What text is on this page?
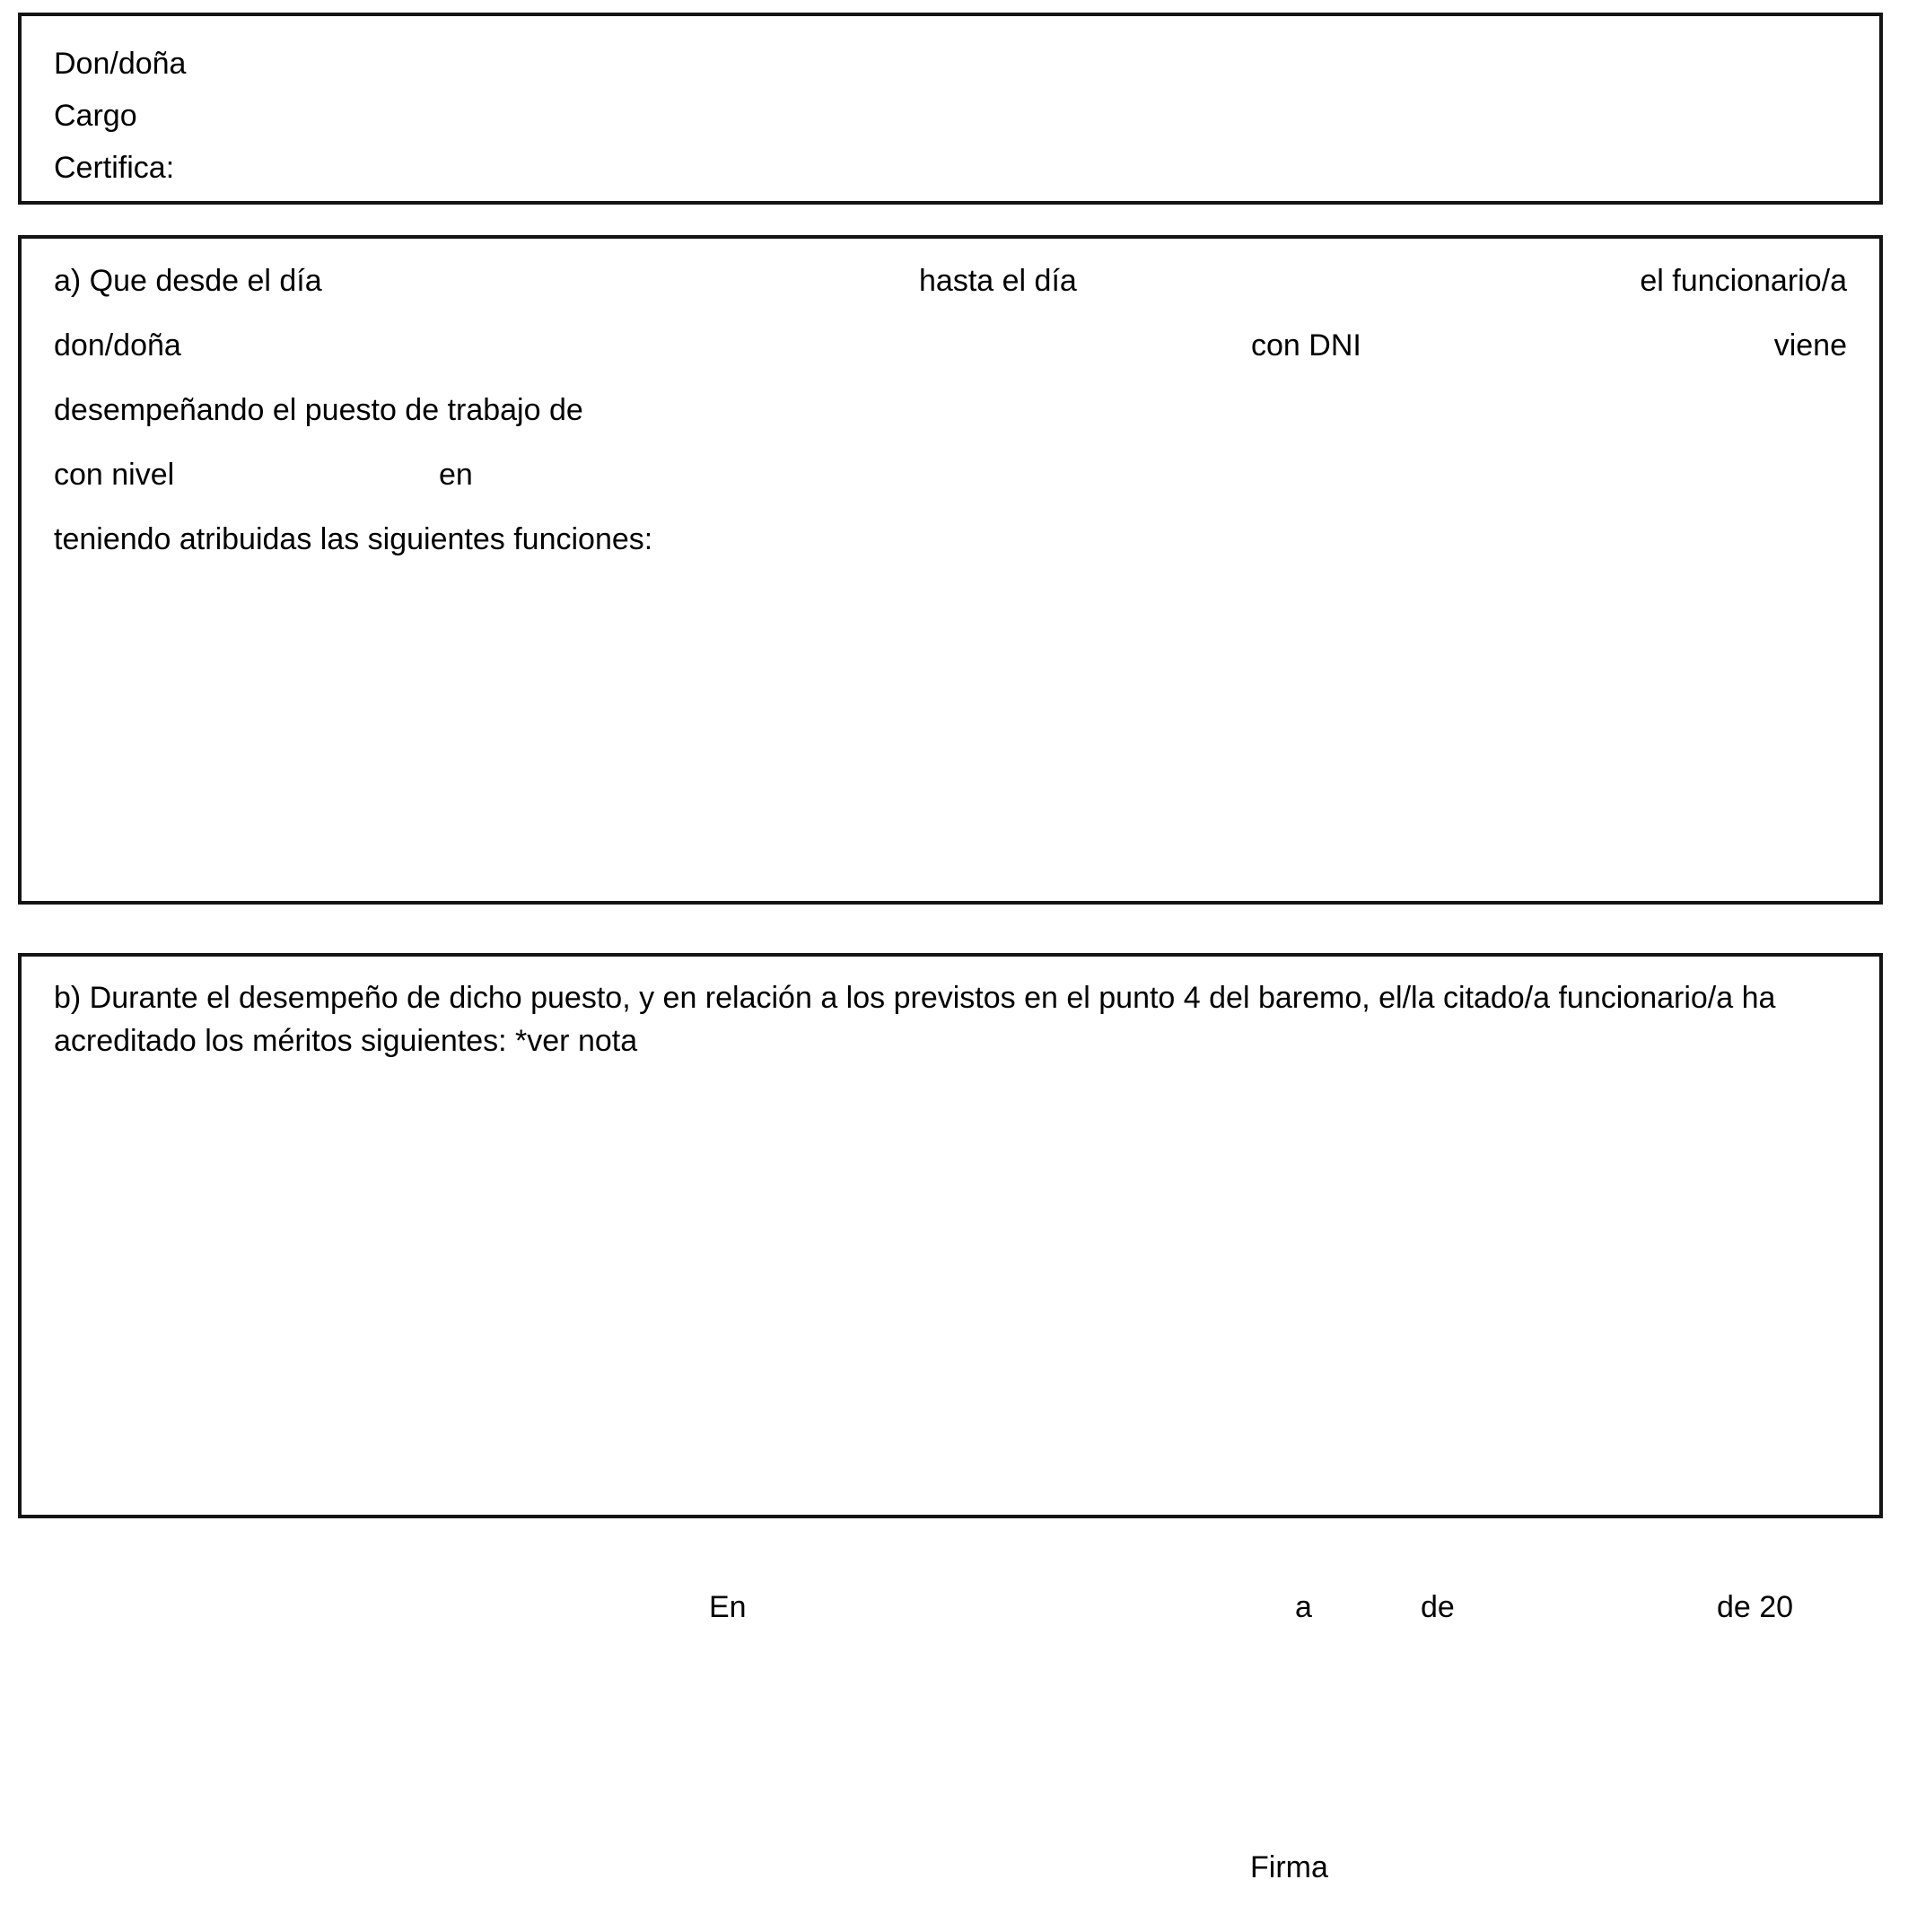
Don/doña
Cargo
Certifica:
a) Que desde el día	hasta el día	el funcionario/a
don/doña	con DNI	viene
desempeñando el puesto de trabajo de
con nivel	en
teniendo atribuidas las siguientes funciones:
b) Durante el desempeño de dicho puesto, y en relación a los previstos en el punto 4 del baremo, el/la citado/a funcionario/a ha acreditado los méritos siguientes: *ver nota
En	a	de	de 20
Firma
